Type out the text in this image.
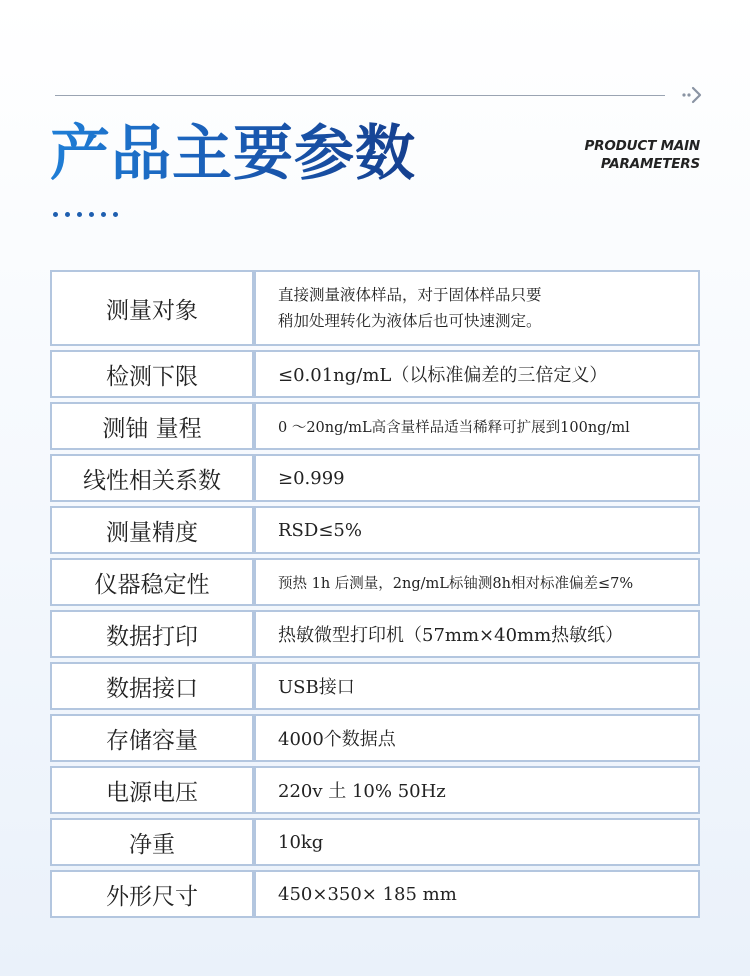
产品主要参数	PRODUCT MAIN
PARAMETERS
测量对象	直接测量液体样品，对于固体样品只要
稍加处理转化为液体后也可快速测定。

检测下限	≤0.01ng/mL（以标准偏差的三倍定义）
测铀 量程	0 ～20ng/mL高含量样品适当稀释可扩展到100ng/ml
线性相关系数	≥0.999
测量精度	RSD≤5%
仪器稳定性	预热 1h 后测量，2ng/mL标铀测8h相对标准偏差≤7%
数据打印	热敏微型打印机（57mm×40mm热敏纸）
数据接口	USB接口
存储容量	4000个数据点
电源电压	220v 土 10% 50Hz
净重	10kg
外形尺寸	450×350× 185 mm
